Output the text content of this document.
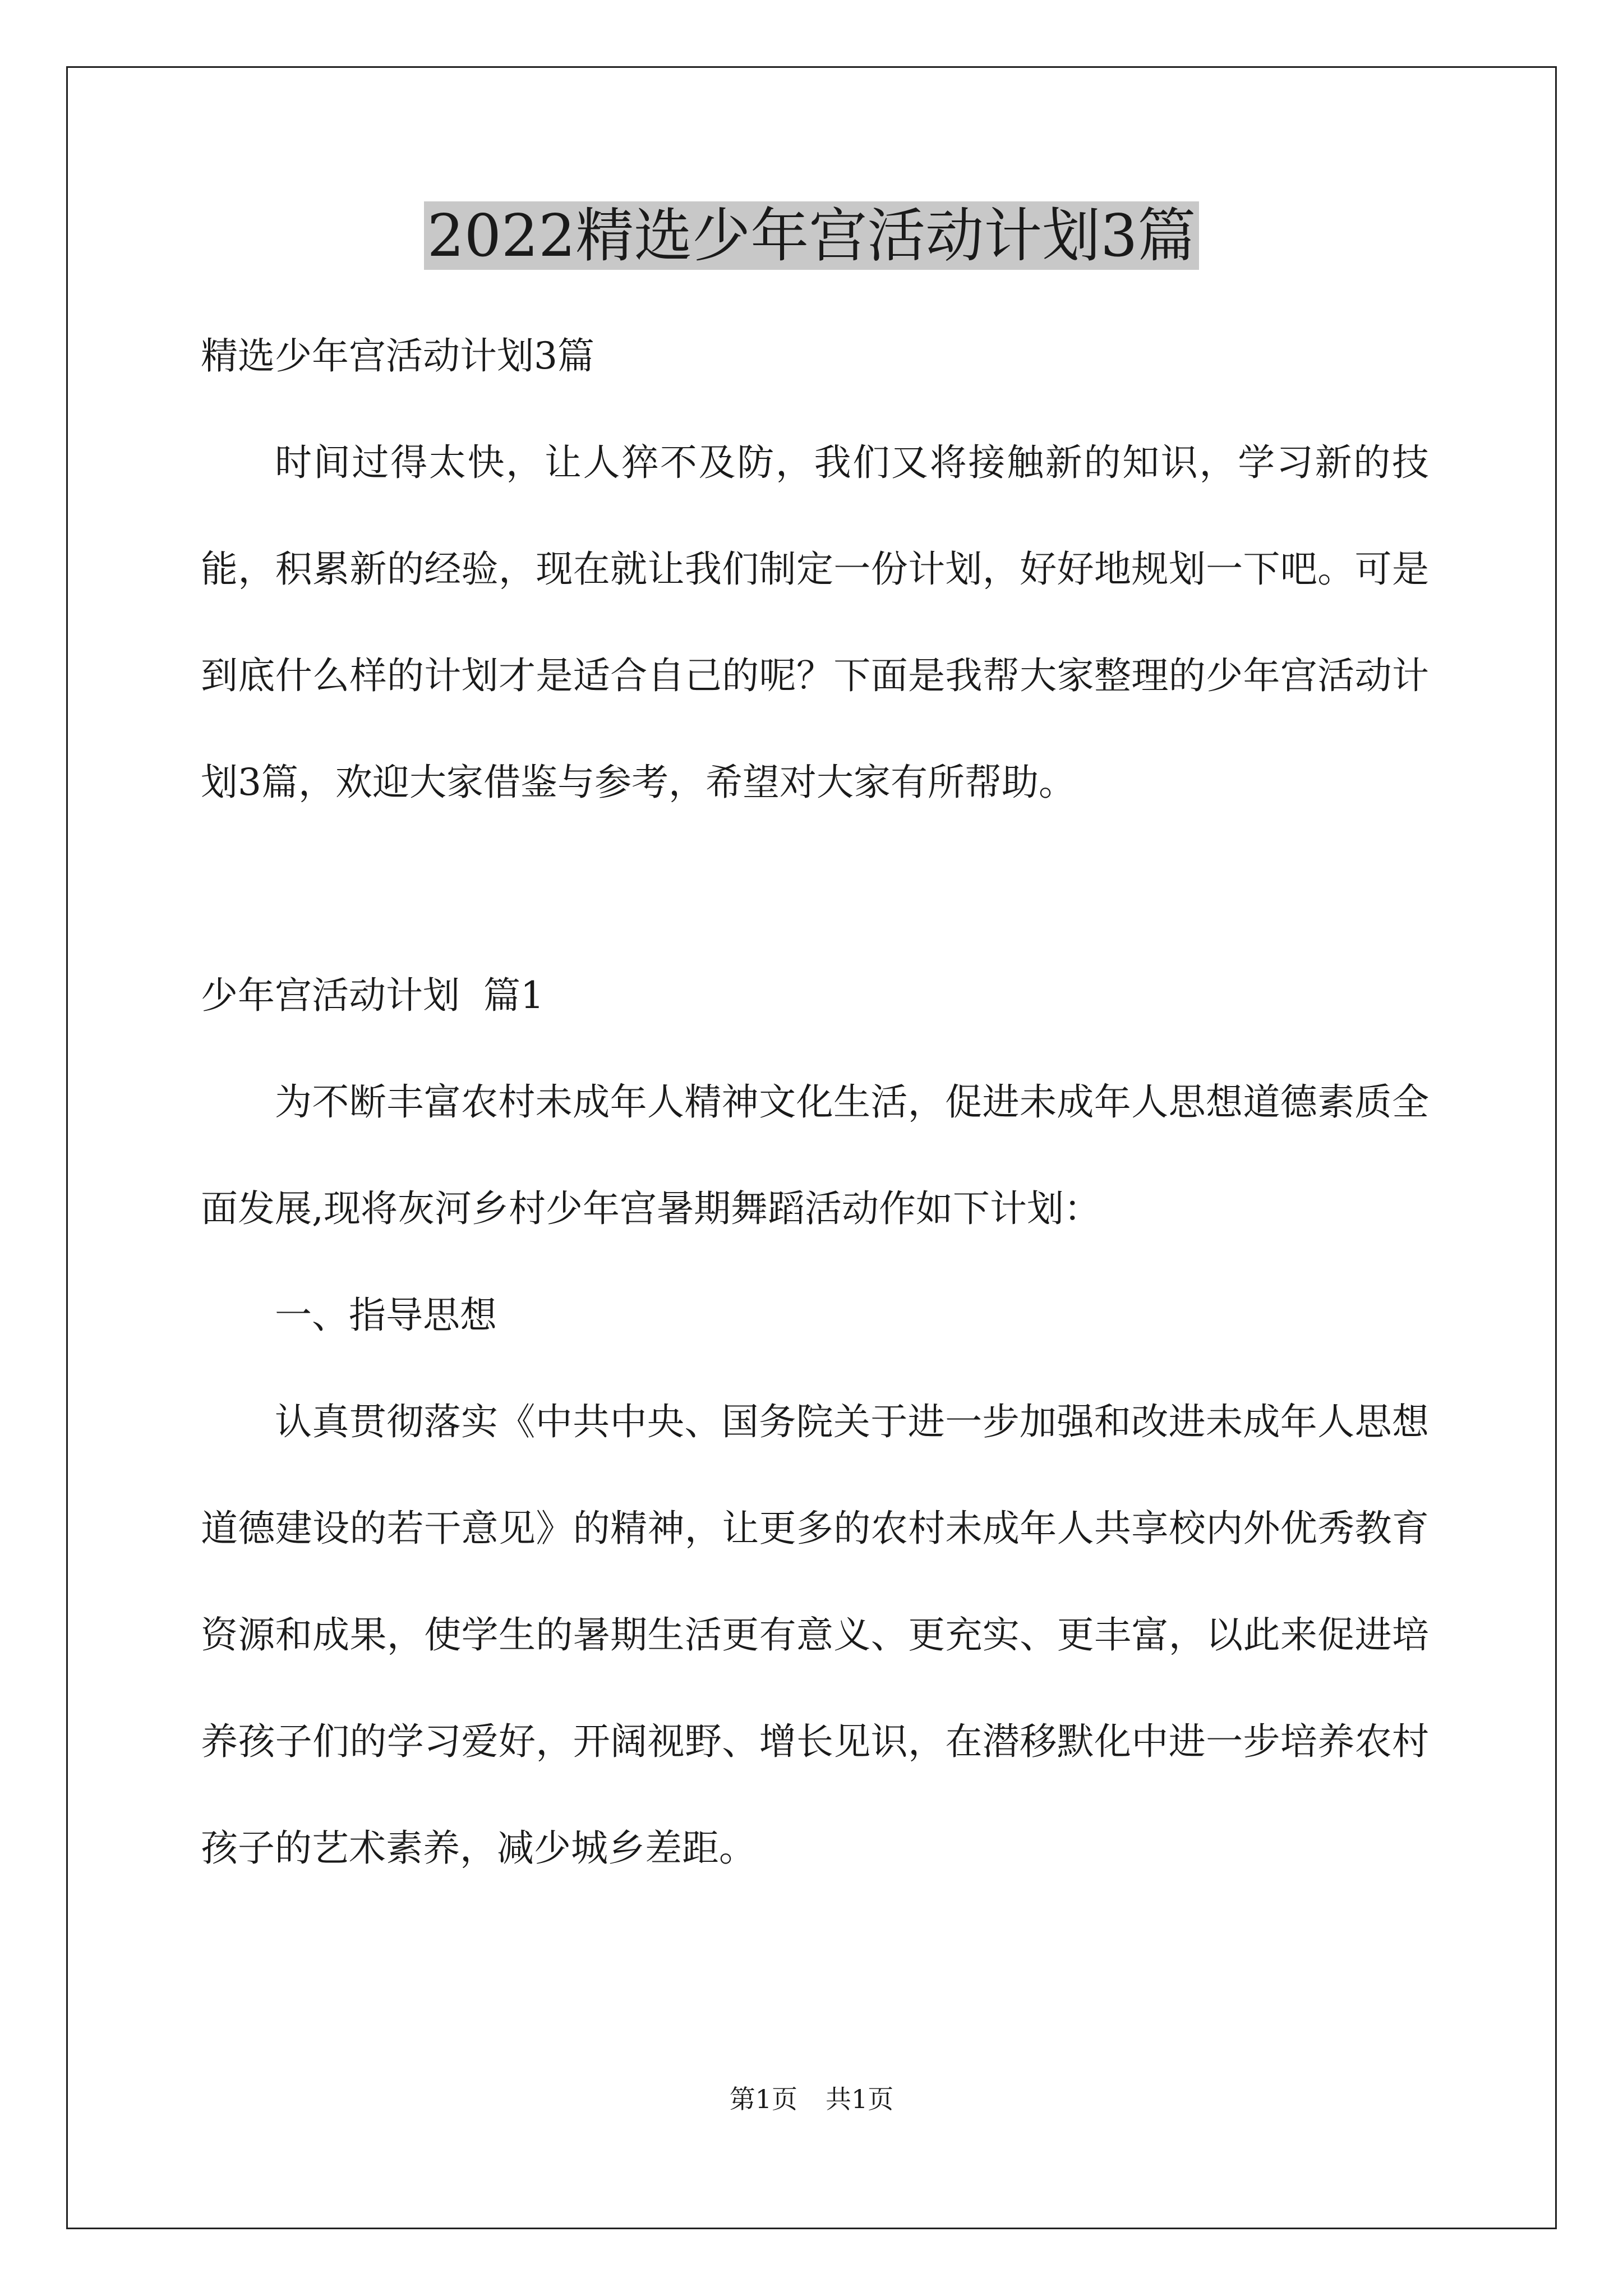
2022精选少年宫活动计划3篇

精选少年宫活动计划3篇

时间过得太快，让人猝不及防，我们又将接触新的知识，学习新的技能，积累新的经验，现在就让我们制定一份计划，好好地规划一下吧。可是到底什么样的计划才是适合自己的呢？下面是我帮大家整理的少年宫活动计划3篇，欢迎大家借鉴与参考，希望对大家有所帮助。

少年宫活动计划  篇1

为不断丰富农村未成年人精神文化生活，促进未成年人思想道德素质全面发展,现将灰河乡村少年宫暑期舞蹈活动作如下计划：

一、指导思想

认真贯彻落实《中共中央、国务院关于进一步加强和改进未成年人思想道德建设的若干意见》的精神，让更多的农村未成年人共享校内外优秀教育资源和成果，使学生的暑期生活更有意义、更充实、更丰富，以此来促进培养孩子们的学习爱好，开阔视野、增长见识，在潜移默化中进一步培养农村孩子的艺术素养，减少城乡差距。

第1页 共1页
